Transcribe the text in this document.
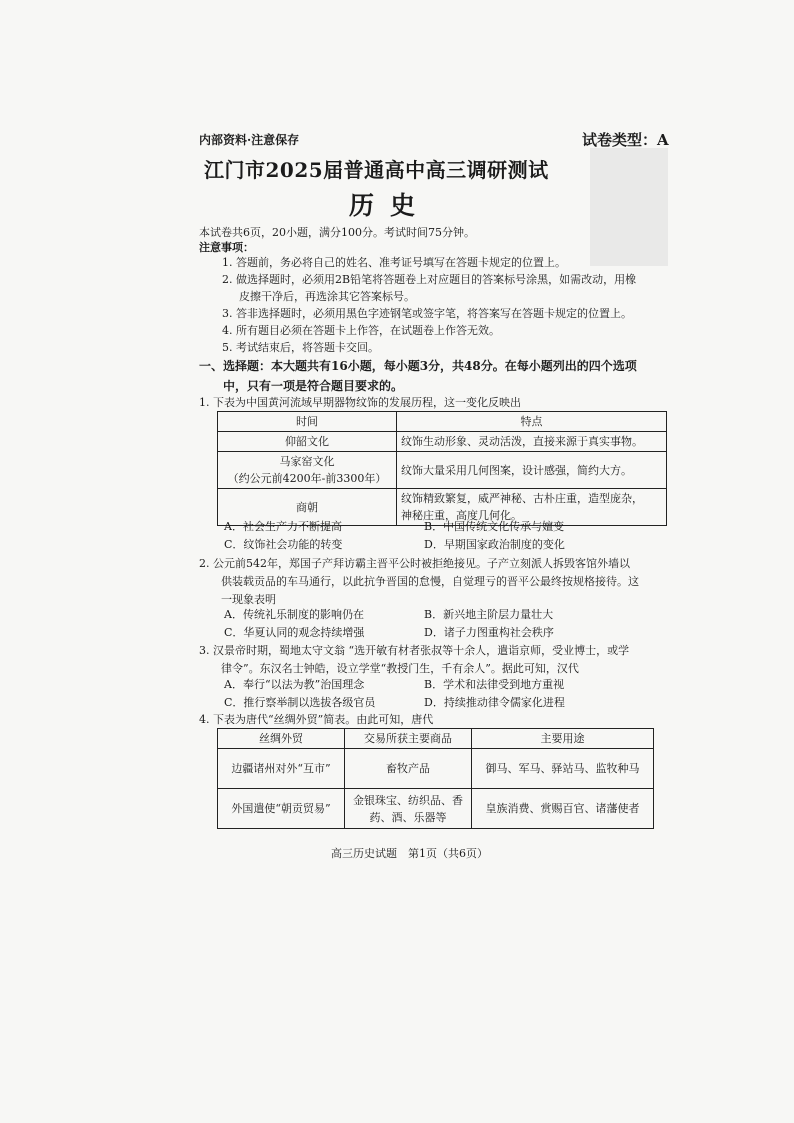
内部资料·注意保存	试卷类型：A
江门市2025届普通高中高三调研测试
历史
本试卷共6页，20小题，满分100分。考试时间75分钟。
注意事项：
1. 答题前，务必将自己的姓名、准考证号填写在答题卡规定的位置上。
2. 做选择题时，必须用2B铅笔将答题卷上对应题目的答案标号涂黑，如需改动，用橡
皮擦干净后，再选涂其它答案标号。
3. 答非选择题时，必须用黑色字迹钢笔或签字笔，将答案写在答题卡规定的位置上。
4. 所有题目必须在答题卡上作答，在试题卷上作答无效。
5. 考试结束后，将答题卡交回。
一、选择题：本大题共有16小题，每小题3分，共48分。在每小题列出的四个选项
中，只有一项是符合题目要求的。
1. 下表为中国黄河流域早期器物纹饰的发展历程，这一变化反映出
时间	特点
仰韶文化	纹饰生动形象、灵动活泼，直接来源于真实事物。

马家窑文化
（约公元前4200年-前3300年）	纹饰大量采用几何图案，设计感强，简约大方。
商朝	纹饰精致繁复，威严神秘、古朴庄重，造型庞杂，
神秘庄重，高度几何化。
A．社会生产力不断提高	B．中国传统文化传承与嬗变
C．纹饰社会功能的转变	D．早期国家政治制度的变化
2. 公元前542年，郑国子产拜访霸主晋平公时被拒绝接见。子产立刻派人拆毁客馆外墙以
供装载贡品的车马通行，以此抗争晋国的怠慢，自觉理亏的晋平公最终按规格接待。这
一现象表明
A．传统礼乐制度的影响仍在	B．新兴地主阶层力量壮大
C．华夏认同的观念持续增强	D．诸子力图重构社会秩序
3. 汉景帝时期，蜀地太守文翁 “选开敏有材者张叔等十余人，遣诣京师，受业博士，或学
律令”。东汉名士钟皓，设立学堂“教授门生，千有余人”。据此可知，汉代
A．奉行“以法为教”治国理念	B．学术和法律受到地方重视
C．推行察举制以选拔各级官员	D．持续推动律令儒家化进程
4. 下表为唐代“丝绸外贸”简表。由此可知，唐代
丝绸外贸	交易所获主要商品	主要用途
边疆诸州对外“互市”	畜牧产品	御马、军马、驿站马、监牧种马
外国遣使“朝贡贸易”	金银珠宝、纺织品、香
药、酒、乐器等	皇族消费、赏赐百官、诸藩使者
高三历史试题　第1页（共6页）
